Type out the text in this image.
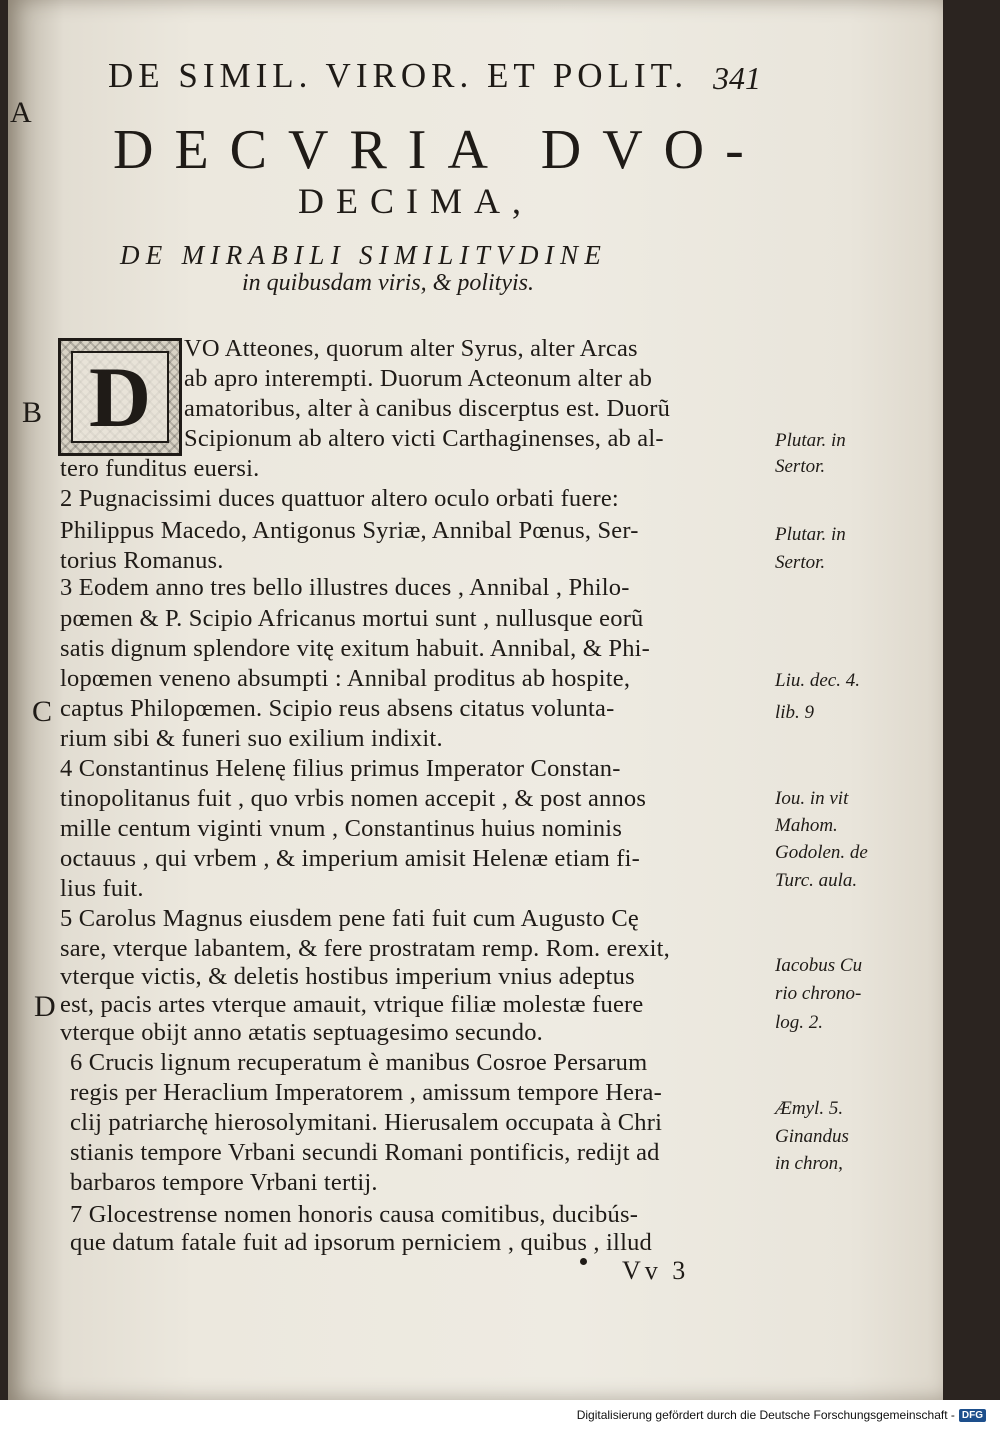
DE SIMIL. VIROR. ET POLIT. 341
A
B
C
D
DECVRIA DVO-
DECIMA,
DE MIRABILI SIMILITVDINE
in quibusdam viris, & polityis.
D
VO Atteones, quorum alter Syrus, alter Arcas
ab apro interempti. Duorum Acteonum alter ab
amatoribus, alter à canibus discerptus est. Duorũ
Scipionum ab altero victi Carthaginenses, ab al-
tero funditus euersi.
2 Pugnacissimi duces quattuor altero oculo orbati fuere:
Philippus Macedo, Antigonus Syriæ, Annibal Pœnus, Ser-
torius Romanus.
3 Eodem anno tres bello illustres duces , Annibal , Philo-
pœmen & P. Scipio Africanus mortui sunt , nullusque eorũ
satis dignum splendore vitę exitum habuit. Annibal, & Phi-
lopœmen veneno absumpti : Annibal proditus ab hospite,
captus Philopœmen. Scipio reus absens citatus volunta-
rium sibi & funeri suo exilium indixit.
4 Constantinus Helenę filius primus Imperator Constan-
tinopolitanus fuit , quo vrbis nomen accepit , & post annos
mille centum viginti vnum , Constantinus huius nominis
octauus , qui vrbem , & imperium amisit Helenæ etiam fi-
lius fuit.
5 Carolus Magnus eiusdem pene fati fuit cum Augusto Cę
sare, vterque labantem, & fere prostratam remp. Rom. erexit,
vterque victis, & deletis hostibus imperium vnius adeptus
est, pacis artes vterque amauit, vtrique filiæ molestæ fuere
vterque obijt anno ætatis septuagesimo secundo.
6 Crucis lignum recuperatum è manibus Cosroe Persarum
regis per Heraclium Imperatorem , amissum tempore Hera-
clij patriarchę hierosolymitani. Hierusalem occupata à Chri
stianis tempore Vrbani secundi Romani pontificis, redijt ad
barbaros tempore Vrbani tertij.
7 Glocestrense nomen honoris causa comitibus, ducibús-
que datum fatale fuit ad ipsorum perniciem , quibus , illud
Vv 3
Plutar. in
Sertor.
Plutar. in
Sertor.
Liu. dec. 4.
lib. 9
Iou. in vit
Mahom.
Godolen. de
Turc. aula.
Iacobus Cu
rio chrono-
log. 2.
Æmyl. 5.
Ginandus
in chron,
Digitalisierung gefördert durch die Deutsche Forschungsgemeinschaft - DFG
